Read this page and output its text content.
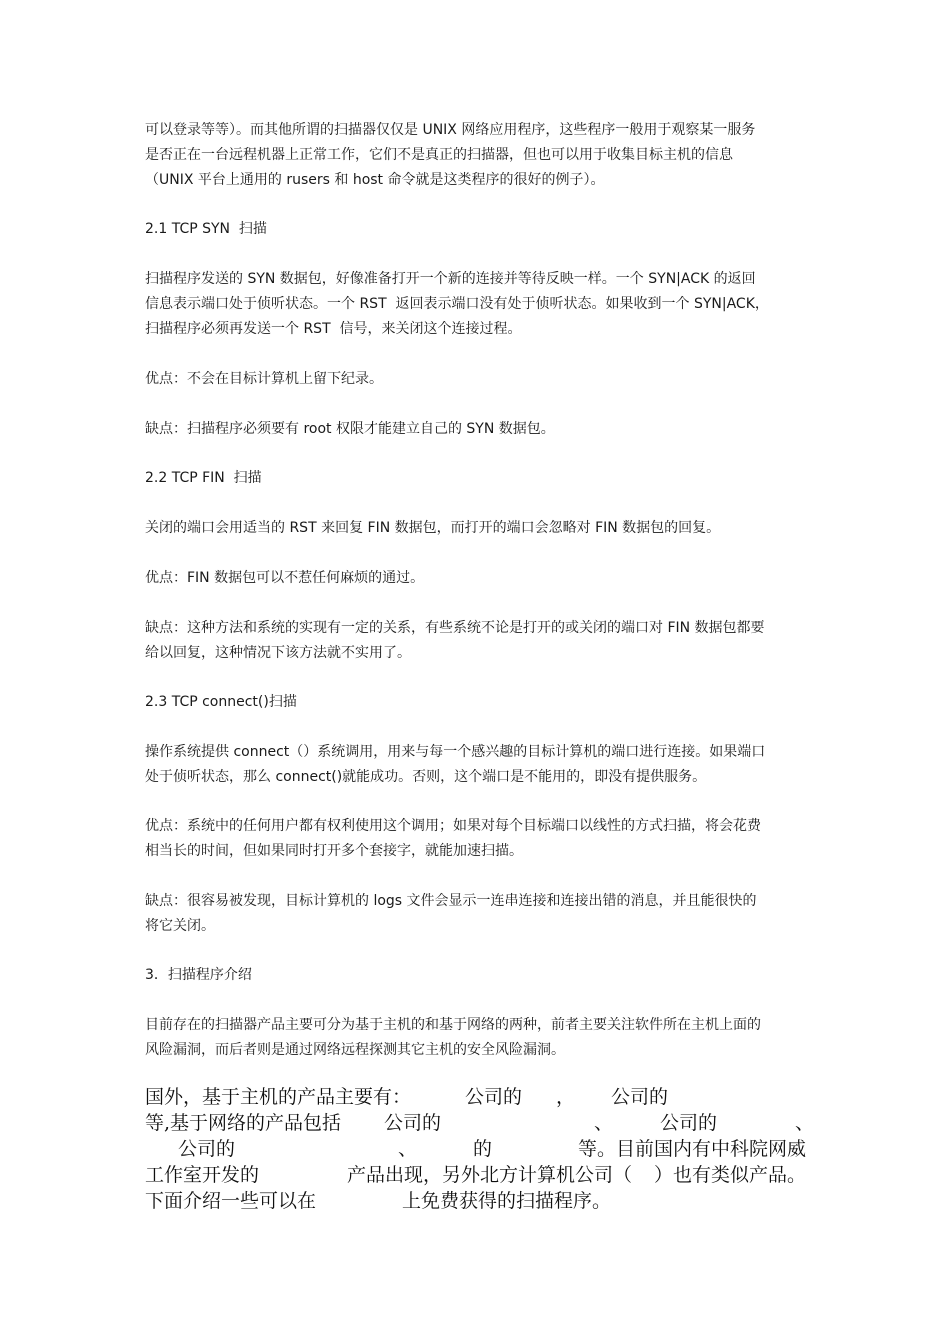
可以登录等等）。而其他所谓的扫描器仅仅是 UNIX 网络应用程序，这些程序一般用于观察某一服务
是否正在一台远程机器上正常工作，它们不是真正的扫描器，但也可以用于收集目标主机的信息
（UNIX 平台上通用的 rusers 和 host 命令就是这类程序的很好的例子）。
2.1 TCP SYN  扫描
扫描程序发送的 SYN 数据包，好像准备打开一个新的连接并等待反映一样。一个 SYN|ACK 的返回
信息表示端口处于侦听状态。一个 RST  返回表示端口没有处于侦听状态。如果收到一个 SYN|ACK，
扫描程序必须再发送一个 RST  信号，来关闭这个连接过程。
优点：不会在目标计算机上留下纪录。
缺点：扫描程序必须要有 root 权限才能建立自己的 SYN 数据包。
2.2 TCP FIN  扫描
关闭的端口会用适当的 RST 来回复 FIN 数据包，而打开的端口会忽略对 FIN 数据包的回复。
优点：FIN 数据包可以不惹任何麻烦的通过。
缺点：这种方法和系统的实现有一定的关系，有些系统不论是打开的或关闭的端口对 FIN 数据包都要
给以回复，这种情况下该方法就不实用了。
2.3 TCP connect()扫描
操作系统提供 connect（）系统调用，用来与每一个感兴趣的目标计算机的端口进行连接。如果端口
处于侦听状态，那么 connect()就能成功。否则，这个端口是不能用的，即没有提供服务。
优点：系统中的任何用户都有权利使用这个调用；如果对每个目标端口以线性的方式扫描，将会花费
相当长的时间，但如果同时打开多个套接字，就能加速扫描。
缺点：很容易被发现，目标计算机的 logs 文件会显示一连串连接和连接出错的消息，并且能很快的
将它关闭。
3．扫描程序介绍
目前存在的扫描器产品主要可分为基于主机的和基于网络的两种，前者主要关注软件所在主机上面的
风险漏洞，而后者则是通过网络远程探测其它主机的安全风险漏洞。
国外，基于主机的产品主要有：	公司的 ， 公司的
等,基于网络的产品包括 公司的	、 公司的	、
公司的	、	的	等。目前国内有中科院网威
工作室开发的	产品出现，另外北方计算机公司（ ）也有类似产品。
下面介绍一些可以在	上免费获得的扫描程序。
